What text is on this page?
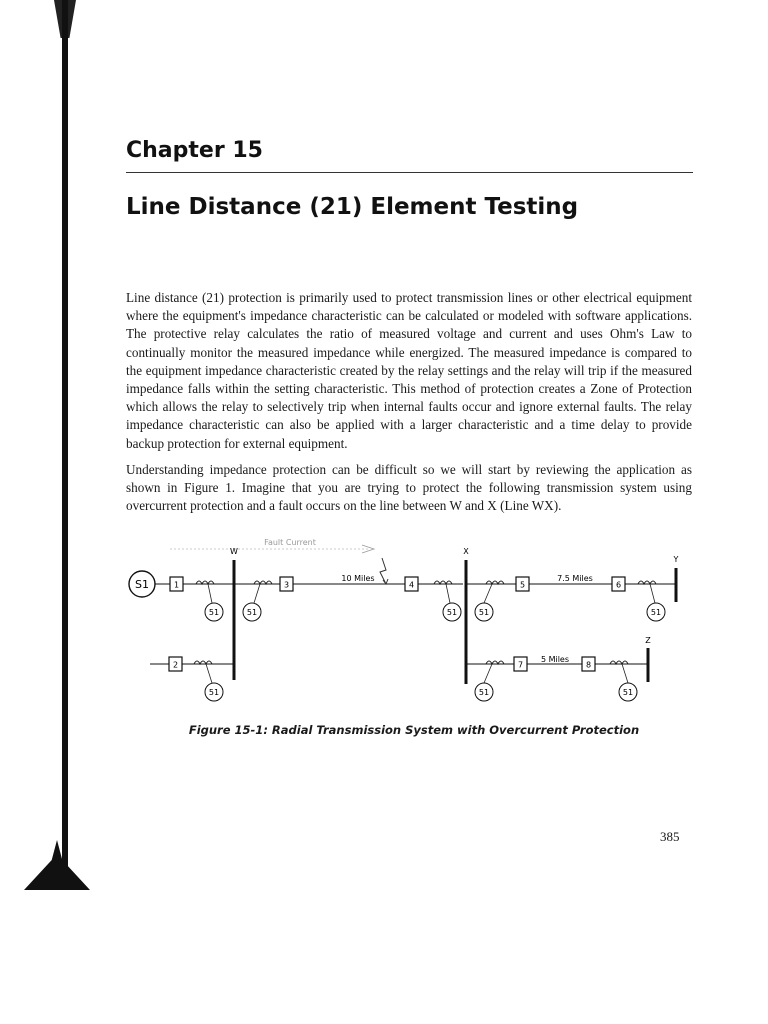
Chapter 15
Line Distance (21) Element Testing

Line distance (21) protection is primarily used to protect transmission lines or other electrical equipment where the equipment's impedance characteristic can be calculated or modeled with software applications. The protective relay calculates the ratio of measured voltage and current and uses Ohm's Law to continually monitor the measured impedance while energized. The measured impedance is compared to the equipment impedance characteristic created by the relay settings and the relay will trip if the measured impedance falls within the setting characteristic. This method of protection creates a Zone of Protection which allows the relay to selectively trip when internal faults occur and ignore external faults. The relay impedance characteristic can also be applied with a larger characteristic and a time delay to provide backup protection for external equipment.

Understanding impedance protection can be difficult so we will start by reviewing the application as shown in Figure 1. Imagine that you are trying to protect the following transmission system using overcurrent protection and a fault occurs on the line between W and X (Line WX).

Fault Current
S1
W	X
Y
Z
10 Miles	7.5 Miles
5 Miles
1	3	4	5	6
2	7	8
51	51	51	51	51
51	51	51
Figure 15-1: Radial Transmission System with Overcurrent Protection
385
